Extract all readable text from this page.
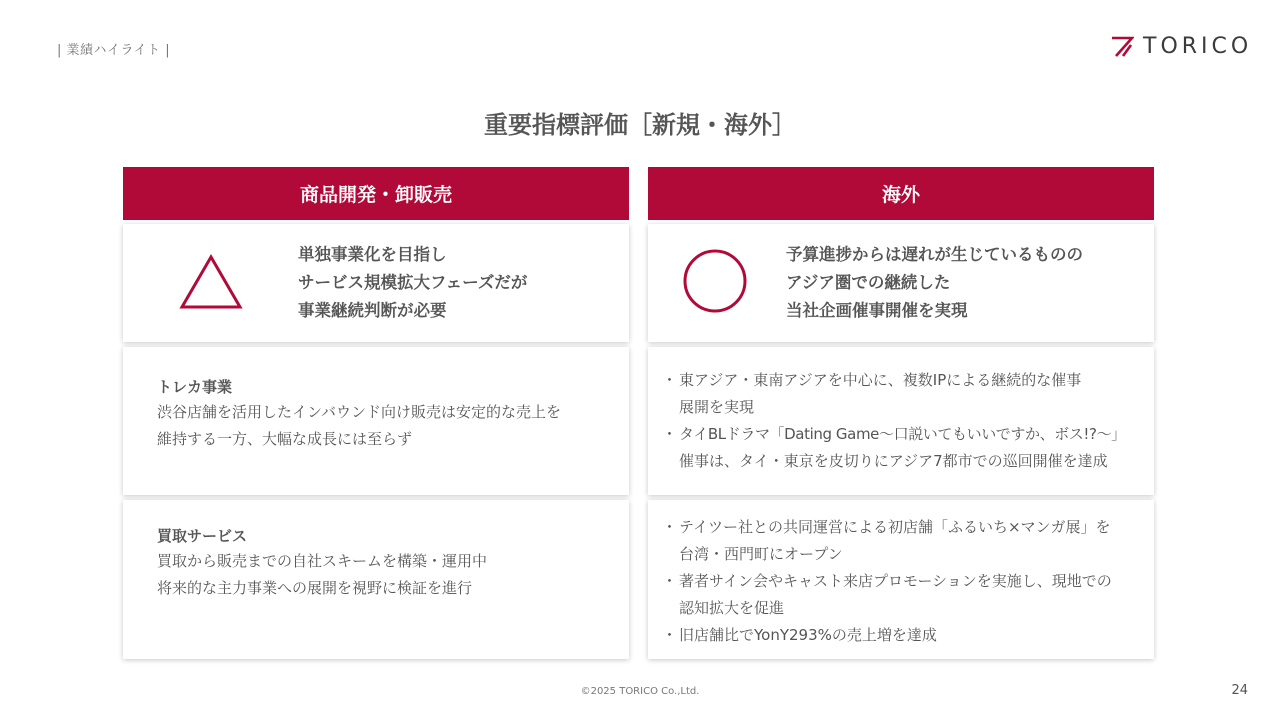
| 業績ハイライト |	TORICO
重要指標評価［新規・海外］
商品開発・卸販売
単独事業化を目指し
サービス規模拡大フェーズだが
事業継続判断が必要
トレカ事業
渋谷店舗を活用したインバウンド向け販売は安定的な売上を
維持する一方、大幅な成長には至らず
買取サービス
買取から販売までの自社スキームを構築・運用中
将来的な主力事業への展開を視野に検証を進行
海外
予算進捗からは遅れが生じているものの
アジア圏での継続した
当社企画催事開催を実現
・ 東アジア・東南アジアを中心に、複数IPによる継続的な催事
展開を実現
・ タイBLドラマ「Dating Game〜口説いてもいいですか、ボス!?〜」
催事は、タイ・東京を皮切りにアジア7都市での巡回開催を達成
・ テイツー社との共同運営による初店舗「ふるいち×マンガ展」を
台湾・西門町にオープン
・ 著者サイン会やキャスト来店プロモーションを実施し、現地での
認知拡大を促進
・ 旧店舗比でYonY293%の売上増を達成
©2025 TORICO Co.,Ltd.	24
